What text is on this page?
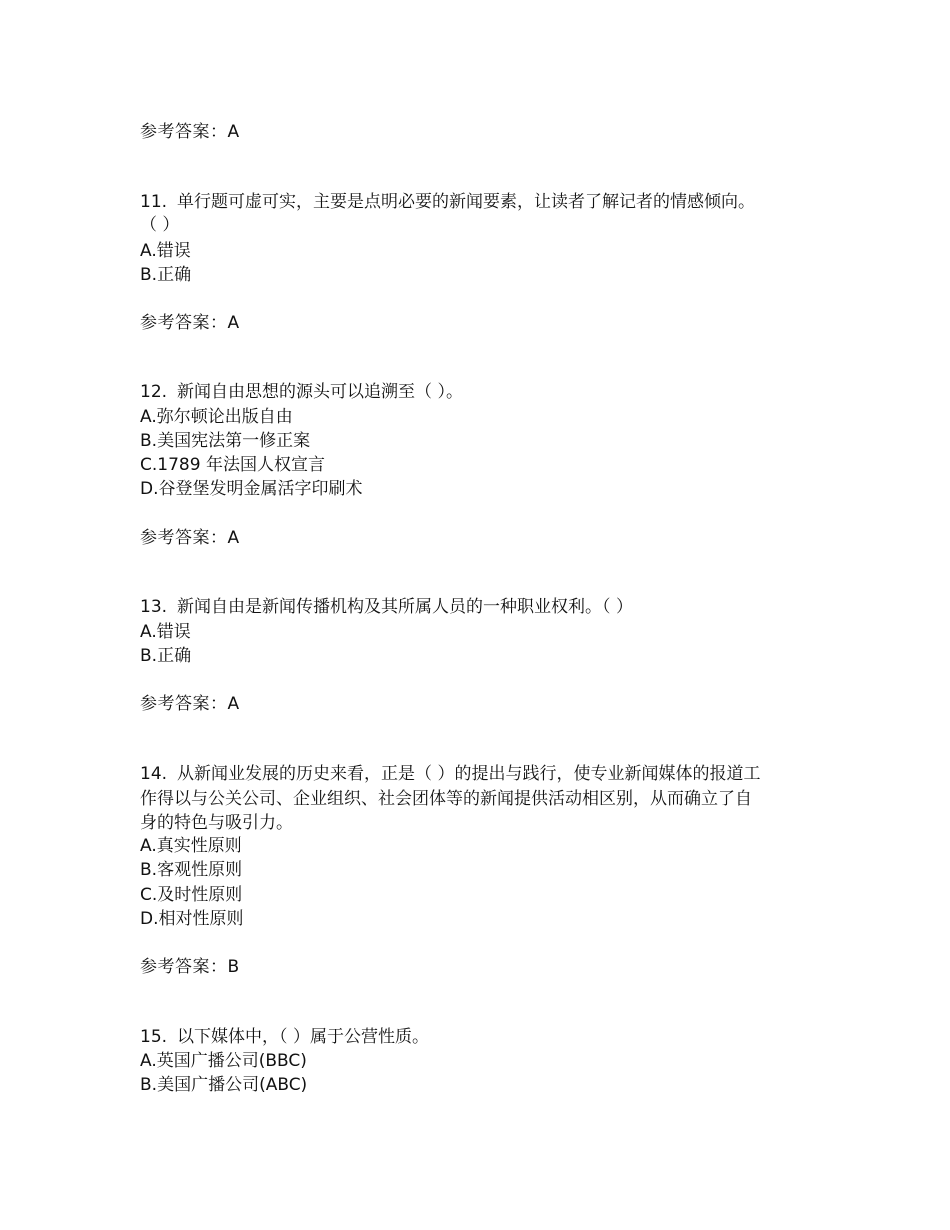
参考答案：A
11. 单行题可虚可实，主要是点明必要的新闻要素，让读者了解记者的情感倾向。
（ ）
A.错误
B.正确
参考答案：A
12. 新闻自由思想的源头可以追溯至（ ）。
A.弥尔顿论出版自由
B.美国宪法第一修正案
C.1789 年法国人权宣言
D.谷登堡发明金属活字印刷术
参考答案：A
13. 新闻自由是新闻传播机构及其所属人员的一种职业权利。（ ）
A.错误
B.正确
参考答案：A
14. 从新闻业发展的历史来看，正是（ ）的提出与践行，使专业新闻媒体的报道工
作得以与公关公司、企业组织、社会团体等的新闻提供活动相区别，从而确立了自
身的特色与吸引力。
A.真实性原则
B.客观性原则
C.及时性原则
D.相对性原则
参考答案：B
15. 以下媒体中，（ ）属于公营性质。
A.英国广播公司(BBC)
B.美国广播公司(ABC)
